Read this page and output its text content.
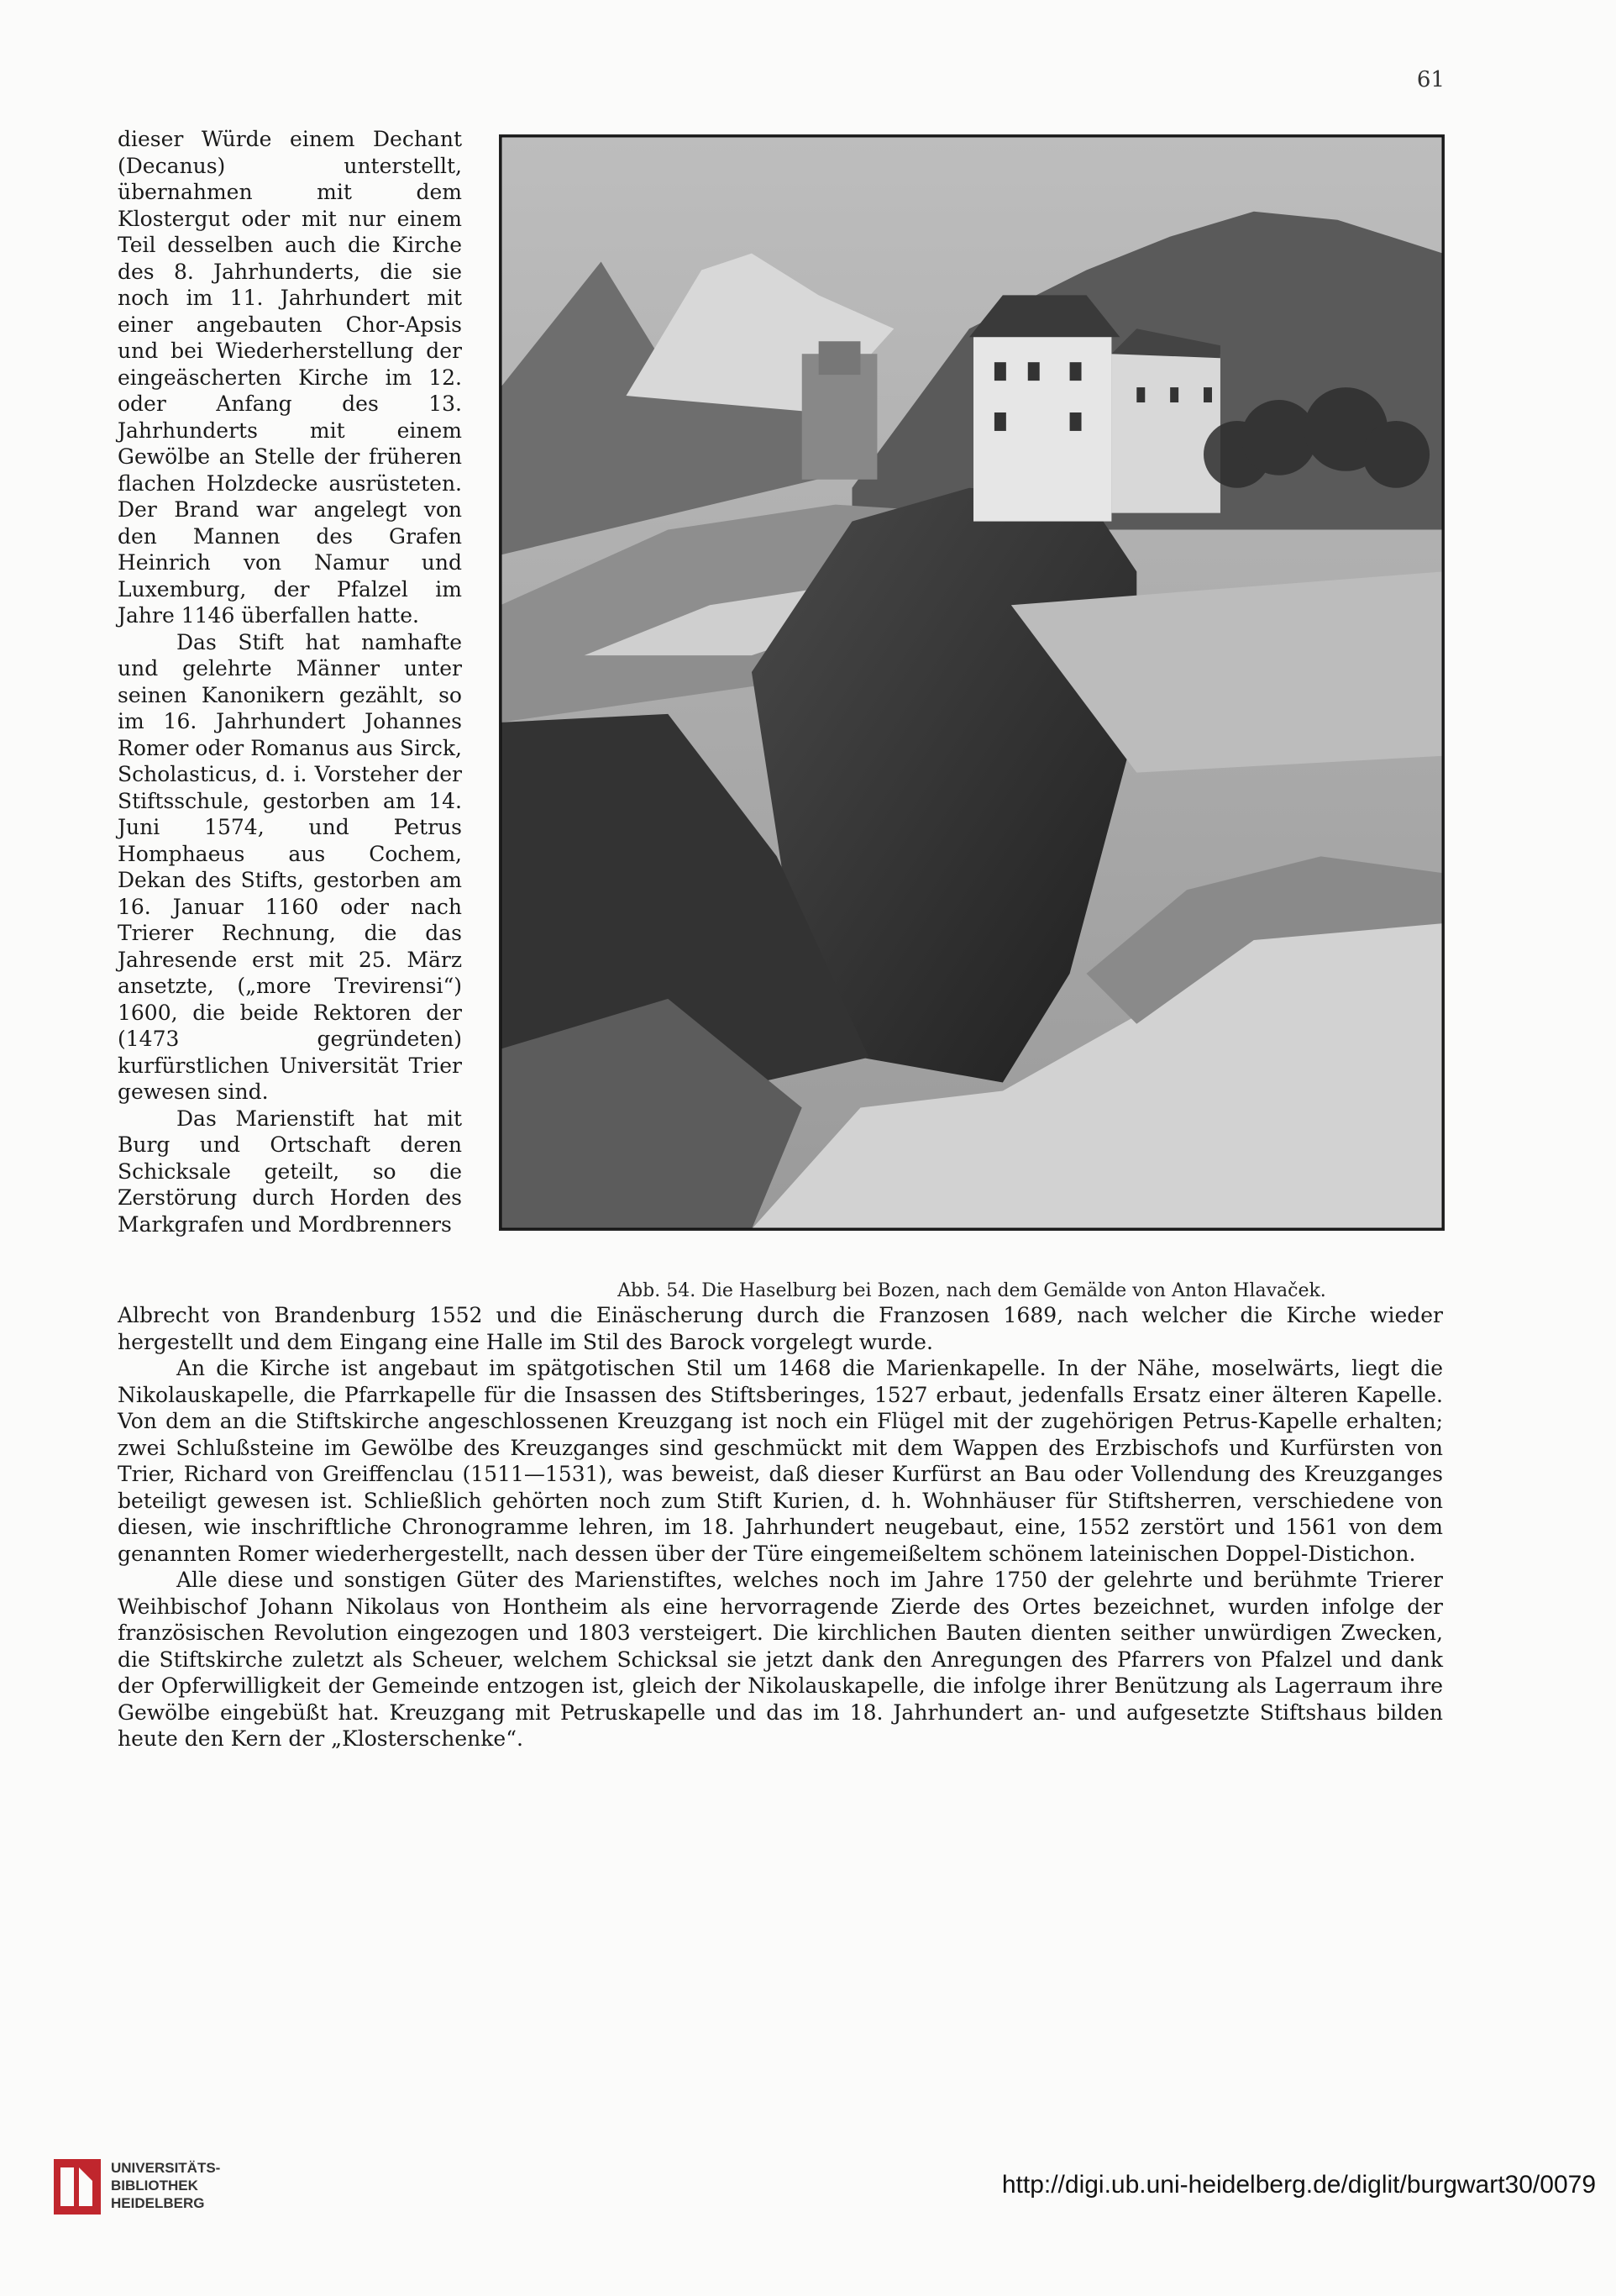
61

dieser Würde einem Dechant (Decanus) unterstellt, übernahmen mit dem Klostergut oder mit nur einem Teil desselben auch die Kirche des 8. Jahrhunderts, die sie noch im 11. Jahrhundert mit einer angebauten Chor-Apsis und bei Wiederherstellung der eingeäscherten Kirche im 12. oder Anfang des 13. Jahrhunderts mit einem Gewölbe an Stelle der früheren flachen Holzdecke ausrüsteten. Der Brand war angelegt von den Mannen des Grafen Heinrich von Namur und Luxemburg, der Pfalzel im Jahre 1146 überfallen hatte.

Das Stift hat namhafte und gelehrte Männer unter seinen Kanonikern gezählt, so im 16. Jahrhundert Johannes Romer oder Romanus aus Sirck, Scholasticus, d. i. Vorsteher der Stiftsschule, gestorben am 14. Juni 1574, und Petrus Homphaeus aus Cochem, Dekan des Stifts, gestorben am 16. Januar 1160 oder nach Trierer Rechnung, die das Jahresende erst mit 25. März ansetzte, („more Trevirensi“) 1600, die beide Rektoren der (1473 gegründeten) kurfürstlichen Universität Trier gewesen sind.

Das Marienstift hat mit Burg und Ortschaft deren Schicksale geteilt, so die Zerstörung durch Horden des Markgrafen und Mordbrenners

Abb. 54. Die Haselburg bei Bozen, nach dem Gemälde von Anton Hlavaček.

Albrecht von Brandenburg 1552 und die Einäscherung durch die Franzosen 1689, nach welcher die Kirche wieder hergestellt und dem Eingang eine Halle im Stil des Barock vorgelegt wurde.

An die Kirche ist angebaut im spätgotischen Stil um 1468 die Marienkapelle. In der Nähe, moselwärts, liegt die Nikolauskapelle, die Pfarrkapelle für die Insassen des Stiftsberinges, 1527 erbaut, jedenfalls Ersatz einer älteren Kapelle. Von dem an die Stiftskirche angeschlossenen Kreuzgang ist noch ein Flügel mit der zugehörigen Petrus-Kapelle erhalten; zwei Schlußsteine im Gewölbe des Kreuzganges sind geschmückt mit dem Wappen des Erzbischofs und Kurfürsten von Trier, Richard von Greiffenclau (1511—1531), was beweist, daß dieser Kurfürst an Bau oder Vollendung des Kreuzganges beteiligt gewesen ist. Schließlich gehörten noch zum Stift Kurien, d. h. Wohnhäuser für Stiftsherren, verschiedene von diesen, wie inschriftliche Chronogramme lehren, im 18. Jahrhundert neugebaut, eine, 1552 zerstört und 1561 von dem genannten Romer wiederhergestellt, nach dessen über der Türe eingemeißeltem schönem lateinischen Doppel-Distichon.

Alle diese und sonstigen Güter des Marienstiftes, welches noch im Jahre 1750 der gelehrte und berühmte Trierer Weihbischof Johann Nikolaus von Hontheim als eine hervorragende Zierde des Ortes bezeichnet, wurden infolge der französischen Revolution eingezogen und 1803 versteigert. Die kirchlichen Bauten dienten seither unwürdigen Zwecken, die Stiftskirche zuletzt als Scheuer, welchem Schicksal sie jetzt dank den Anregungen des Pfarrers von Pfalzel und dank der Opferwilligkeit der Gemeinde entzogen ist, gleich der Nikolauskapelle, die infolge ihrer Benützung als Lagerraum ihre Gewölbe eingebüßt hat. Kreuzgang mit Petruskapelle und das im 18. Jahrhundert an- und aufgesetzte Stiftshaus bilden heute den Kern der „Klosterschenke“.

UNIVERSITÄTS-
BIBLIOTHEK
HEIDELBERG
http://digi.ub.uni-heidelberg.de/diglit/burgwart30/0079
